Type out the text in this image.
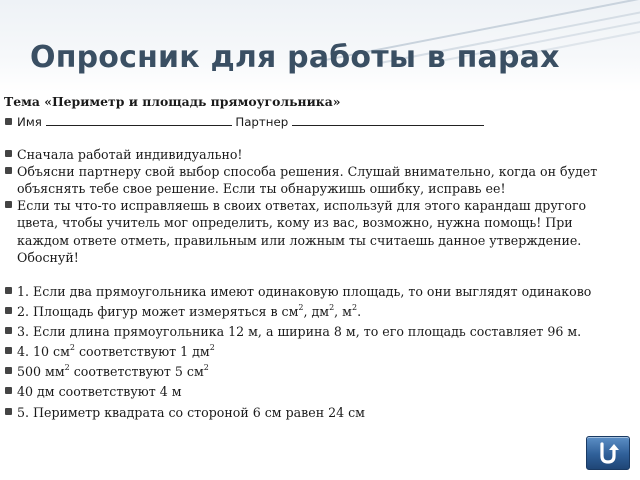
Опросник для работы в парах

Тема «Периметр и площадь прямоугольника»

Имя	Партнер

Сначала работай индивидуально!

Объясни партнеру свой выбор способа решения. Слушай внимательно, когда он будет объяснять тебе свое решение. Если ты обнаружишь ошибку, исправь ее!

Если ты что-то исправляешь в своих ответах, используй для этого карандаш другого цвета, чтобы учитель мог определить, кому из вас, возможно, нужна помощь! При каждом ответе отметь, правильным или ложным ты считаешь данное утверждение. Обоснуй!

1. Если два прямоугольника имеют одинаковую площадь, то они выглядят одинаково

2. Площадь фигур может измеряться в $см^2$, $дм^2$, $м^2$.

3. Если длина прямоугольника 12 м, а ширина 8 м, то его площадь составляет 96 м.

4. 10 $см^2$ соответствуют 1 $дм^2$

500 $мм^2$ соответствуют 5 $см^2$

40 дм соответствуют 4 м

5. Периметр квадрата со стороной 6 см равен 24 см
